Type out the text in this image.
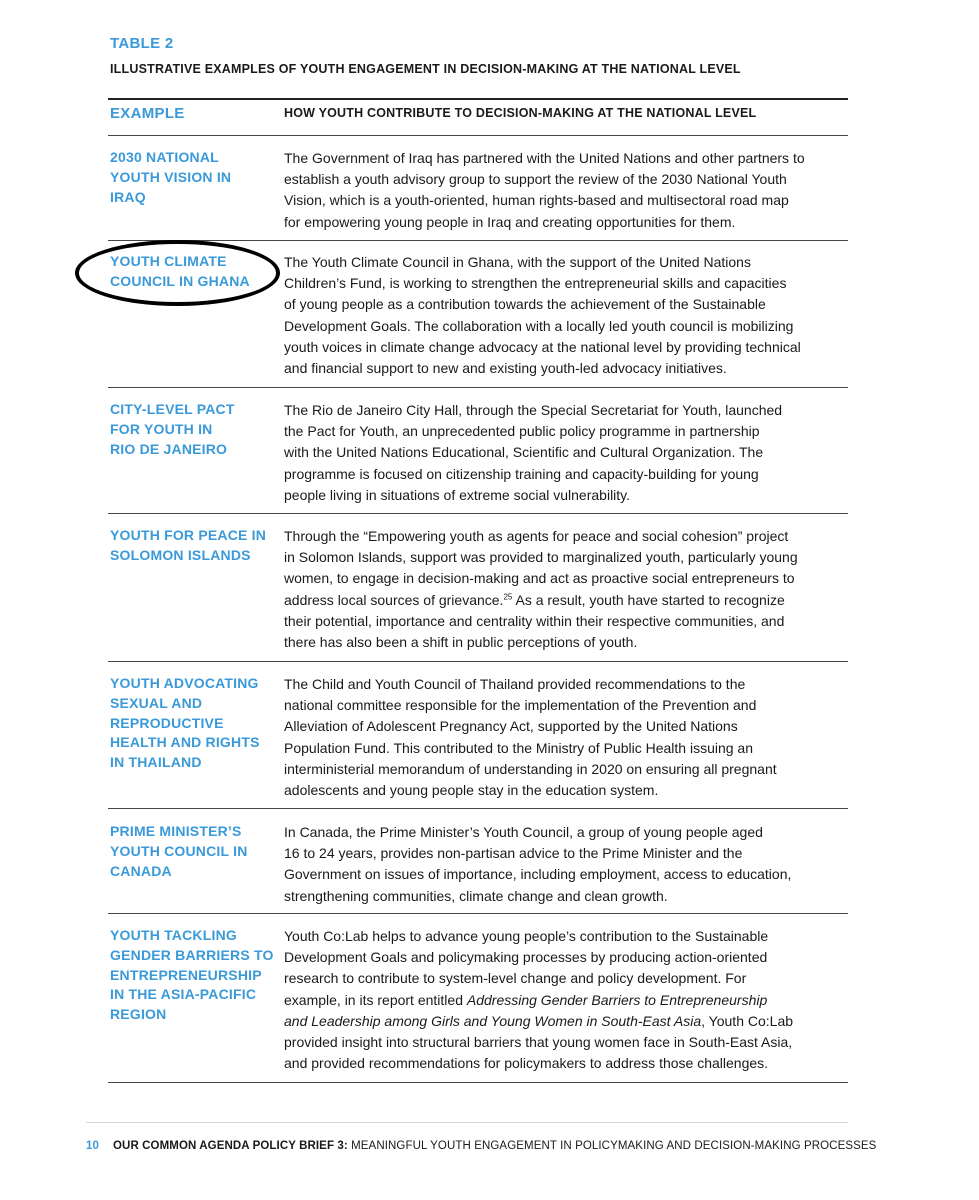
TABLE 2
ILLUSTRATIVE EXAMPLES OF YOUTH ENGAGEMENT IN DECISION-MAKING AT THE NATIONAL LEVEL
EXAMPLE	HOW YOUTH CONTRIBUTE TO DECISION-MAKING AT THE NATIONAL LEVEL
2030 NATIONAL
YOUTH VISION IN
IRAQ
The Government of Iraq has partnered with the United Nations and other partners to
establish a youth advisory group to support the review of the 2030 National Youth
Vision, which is a youth-oriented, human rights-based and multisectoral road map
for empowering young people in Iraq and creating opportunities for them.
YOUTH CLIMATE
COUNCIL IN GHANA
The Youth Climate Council in Ghana, with the support of the United Nations
Children’s Fund, is working to strengthen the entrepreneurial skills and capacities
of young people as a contribution towards the achievement of the Sustainable
Development Goals. The collaboration with a locally led youth council is mobilizing
youth voices in climate change advocacy at the national level by providing technical
and financial support to new and existing youth-led advocacy initiatives.
CITY-LEVEL PACT
FOR YOUTH IN
RIO DE JANEIRO
The Rio de Janeiro City Hall, through the Special Secretariat for Youth, launched
the Pact for Youth, an unprecedented public policy programme in partnership
with the United Nations Educational, Scientific and Cultural Organization. The
programme is focused on citizenship training and capacity-building for young
people living in situations of extreme social vulnerability.
YOUTH FOR PEACE IN
SOLOMON ISLANDS
Through the “Empowering youth as agents for peace and social cohesion” project
in Solomon Islands, support was provided to marginalized youth, particularly young
women, to engage in decision-making and act as proactive social entrepreneurs to
address local sources of grievance.$^{25}$ As a result, youth have started to recognize
their potential, importance and centrality within their respective communities, and
there has also been a shift in public perceptions of youth.
YOUTH ADVOCATING
SEXUAL AND
REPRODUCTIVE
HEALTH AND RIGHTS
IN THAILAND
The Child and Youth Council of Thailand provided recommendations to the
national committee responsible for the implementation of the Prevention and
Alleviation of Adolescent Pregnancy Act, supported by the United Nations
Population Fund. This contributed to the Ministry of Public Health issuing an
interministerial memorandum of understanding in 2020 on ensuring all pregnant
adolescents and young people stay in the education system.
PRIME MINISTER’S
YOUTH COUNCIL IN
CANADA
In Canada, the Prime Minister’s Youth Council, a group of young people aged
16 to 24 years, provides non-partisan advice to the Prime Minister and the
Government on issues of importance, including employment, access to education,
strengthening communities, climate change and clean growth.
YOUTH TACKLING
GENDER BARRIERS TO
ENTREPRENEURSHIP
IN THE ASIA-PACIFIC
REGION
Youth Co:Lab helps to advance young people’s contribution to the Sustainable
Development Goals and policymaking processes by producing action-oriented
research to contribute to system-level change and policy development. For
example, in its report entitled Addressing Gender Barriers to Entrepreneurship
and Leadership among Girls and Young Women in South-East Asia, Youth Co:Lab
provided insight into structural barriers that young women face in South-East Asia,
and provided recommendations for policymakers to address those challenges.
10 OUR COMMON AGENDA POLICY BRIEF 3: MEANINGFUL YOUTH ENGAGEMENT IN POLICYMAKING AND DECISION-MAKING PROCESSES
